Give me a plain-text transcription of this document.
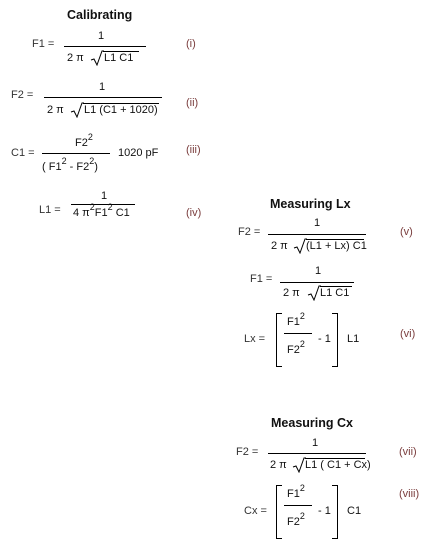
Calibrating
F1 =
1
2 π L1 C1
(i)
F2 =
1
2 π L1 (C1 + 1020)
(ii)
C1 =
$F2^2$
( $F1^2 - F2^2$)
1020 pF	(iii)
L1 =
1
4 $\pi^2F1^2$ C1	(iv)
Measuring Lx
F2 =
1
2 π (L1 + Lx) C1
(v)
F1 =
1
2 π L1 C1
Lx =
$F1^2$
$F2^2 - 1$ L1	(vi)
Measuring Cx
F2 =
1
2 π L1 ( C1 + Cx)
(vii)
Cx =
$F1^2$
$F2^2 - 1$ C1
(viii)
